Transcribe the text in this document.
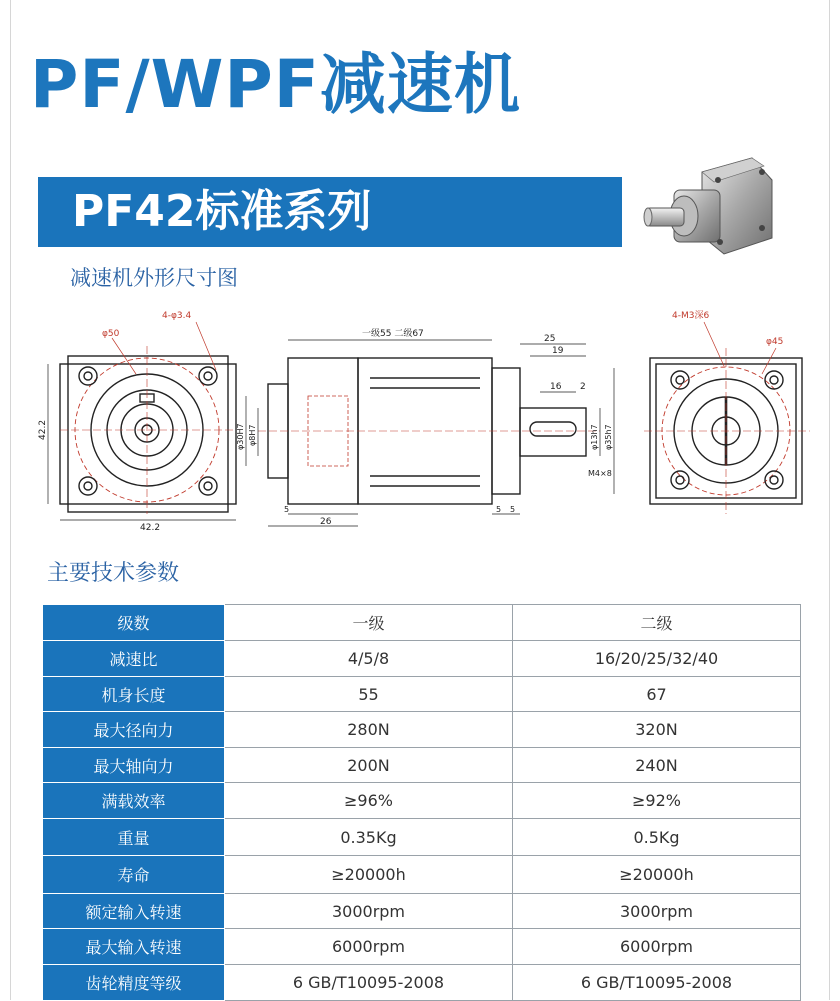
PF/WPF减速机
PF42标准系列
减速机外形尺寸图
φ50
4-φ3.4
42.2
42.2
一级55 二级67	25
19
16 2
φ30H7 φ8H7	φ13h7 φ35h7
M4×8
5	5 5
26
4-M3深6
φ45
主要技术参数
级数	一级	二级
减速比	4/5/8	16/20/25/32/40
机身长度	55	67
最大径向力	280N	320N
最大轴向力	200N	240N
满载效率	≥96%	≥92%
重量	0.35Kg	0.5Kg
寿命	≥20000h	≥20000h
额定输入转速	3000rpm	3000rpm
最大输入转速	6000rpm	6000rpm
齿轮精度等级	6 GB/T10095-2008	6 GB/T10095-2008
